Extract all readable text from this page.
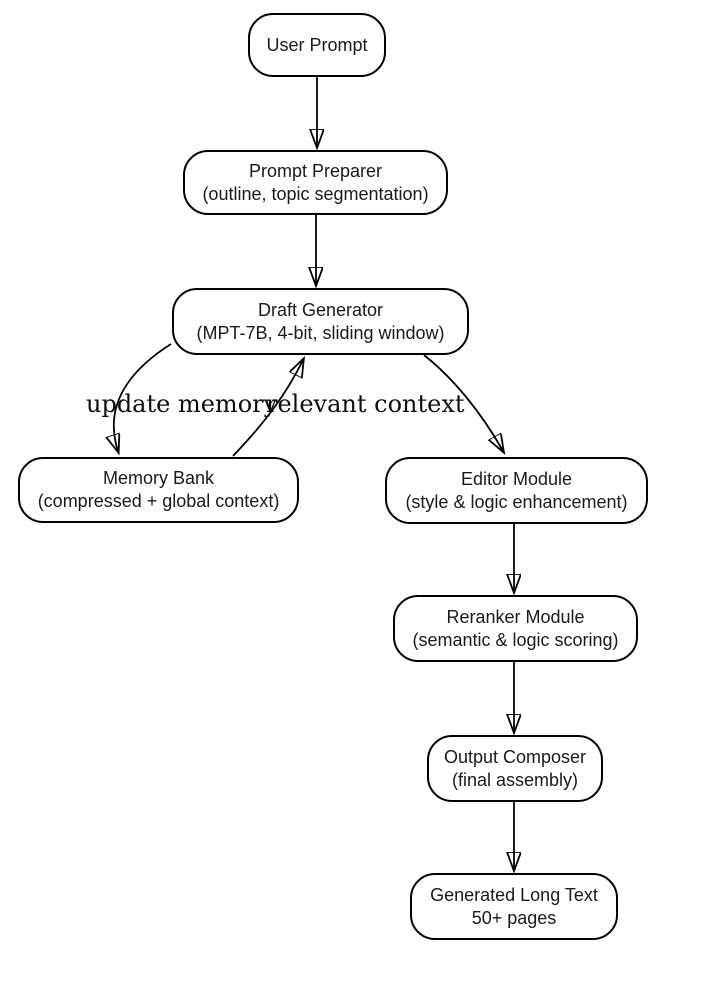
User Prompt
Prompt Preparer
(outline, topic segmentation)
Draft Generator
(MPT-7B, 4-bit, sliding window)
Memory Bank
(compressed + global context)
Editor Module
(style & logic enhancement)
Reranker Module
(semantic & logic scoring)
Output Composer
(final assembly)
Generated Long Text
50+ pages
update memory
relevant context
